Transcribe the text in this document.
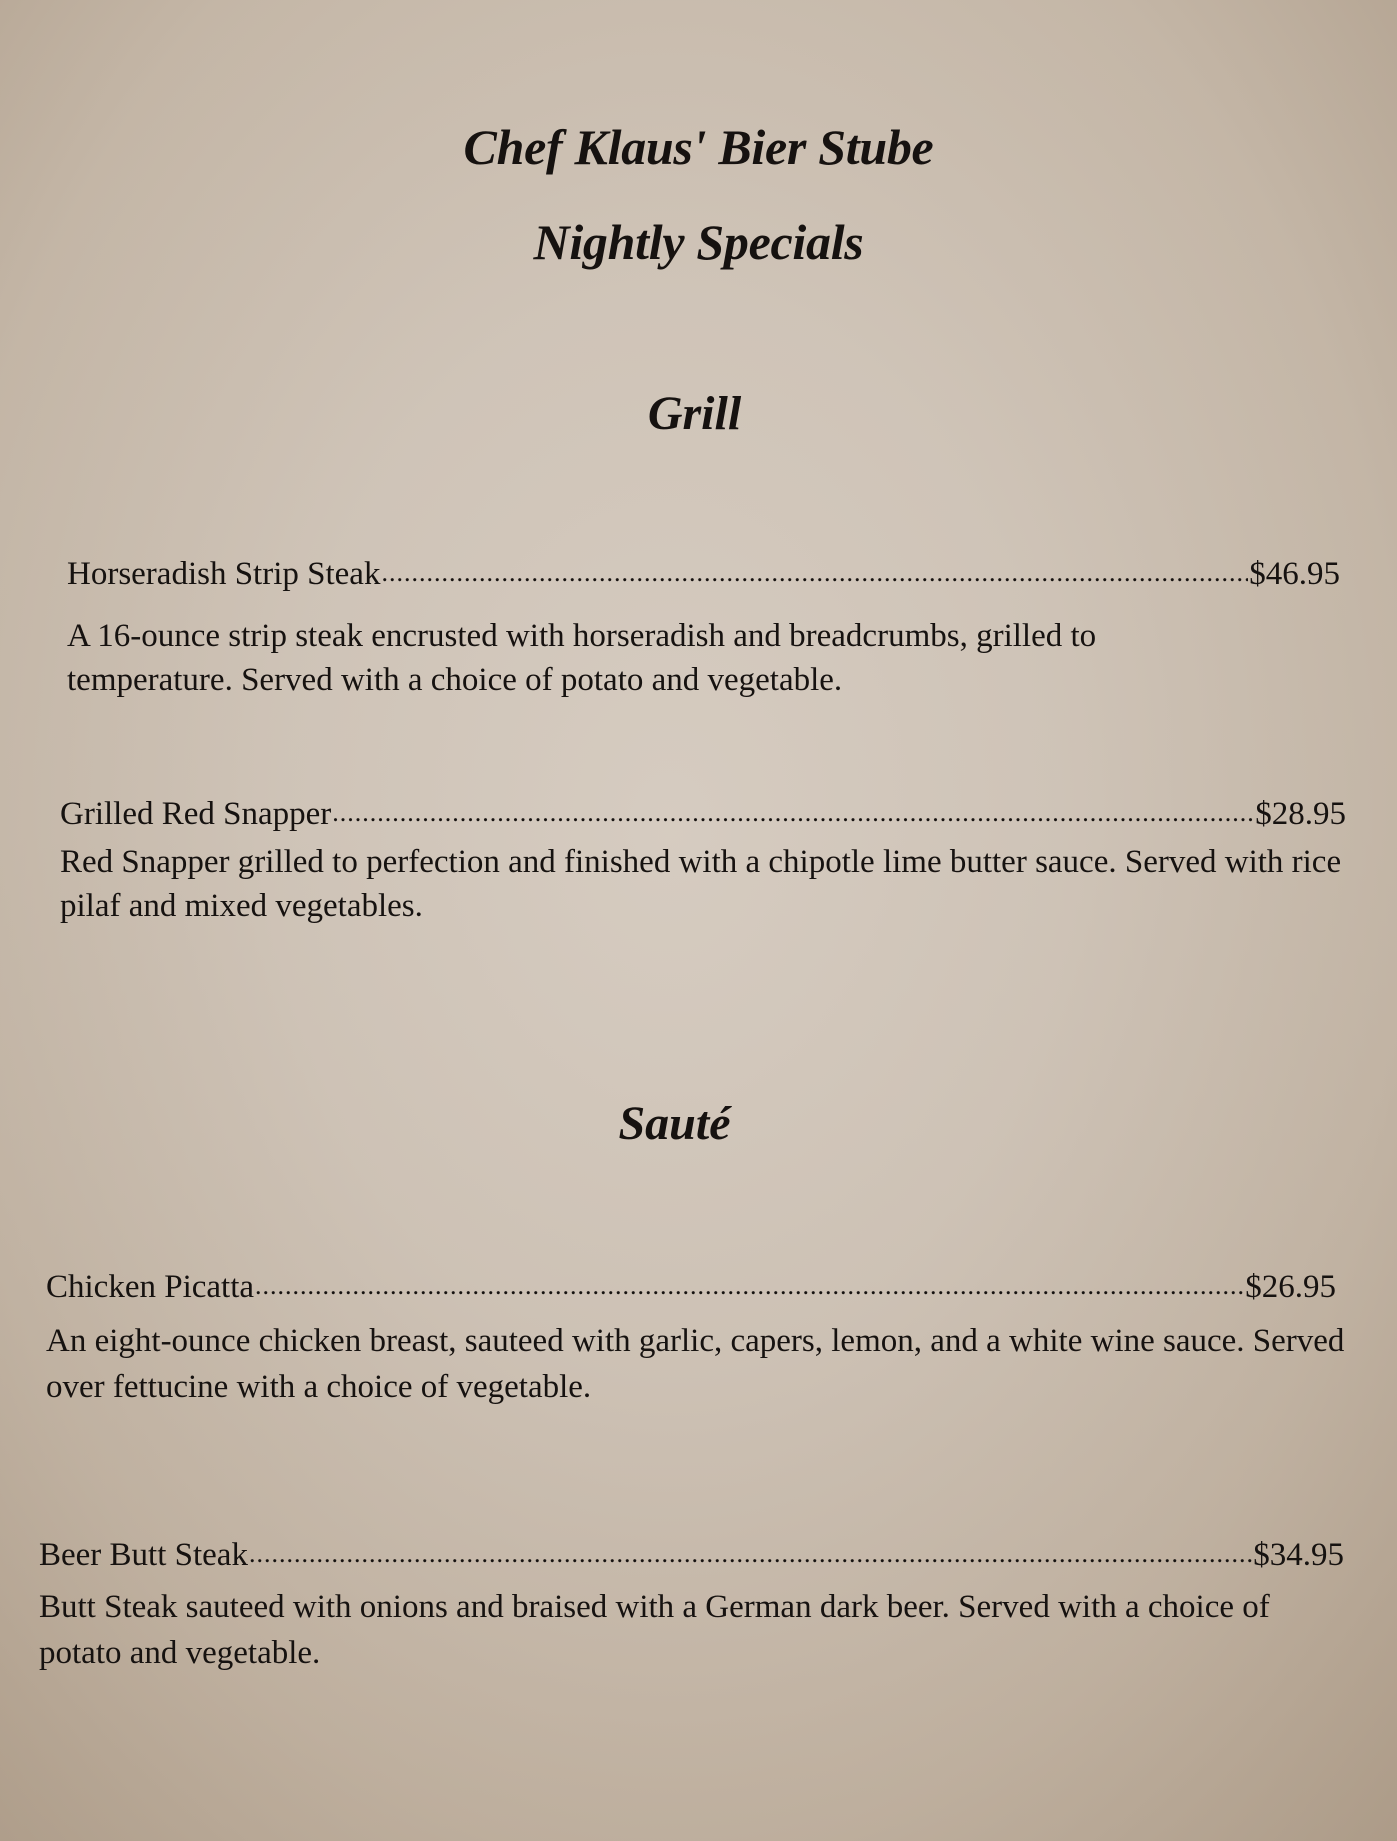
Chef Klaus' Bier Stube
Nightly Specials
Grill
Horseradish Strip Steak .....	$46.95
A 16-ounce strip steak encrusted with horseradish and breadcrumbs, grilled to temperature. Served with a choice of potato and vegetable.
Grilled Red Snapper .....	$28.95
Red Snapper grilled to perfection and finished with a chipotle lime butter sauce. Served with rice pilaf and mixed vegetables.
Sauté
Chicken Picatta .....	$26.95
An eight-ounce chicken breast, sauteed with garlic, capers, lemon, and a white wine sauce. Served over fettucine with a choice of vegetable.
Beer Butt Steak .....	$34.95
Butt Steak sauteed with onions and braised with a German dark beer. Served with a choice of potato and vegetable.
